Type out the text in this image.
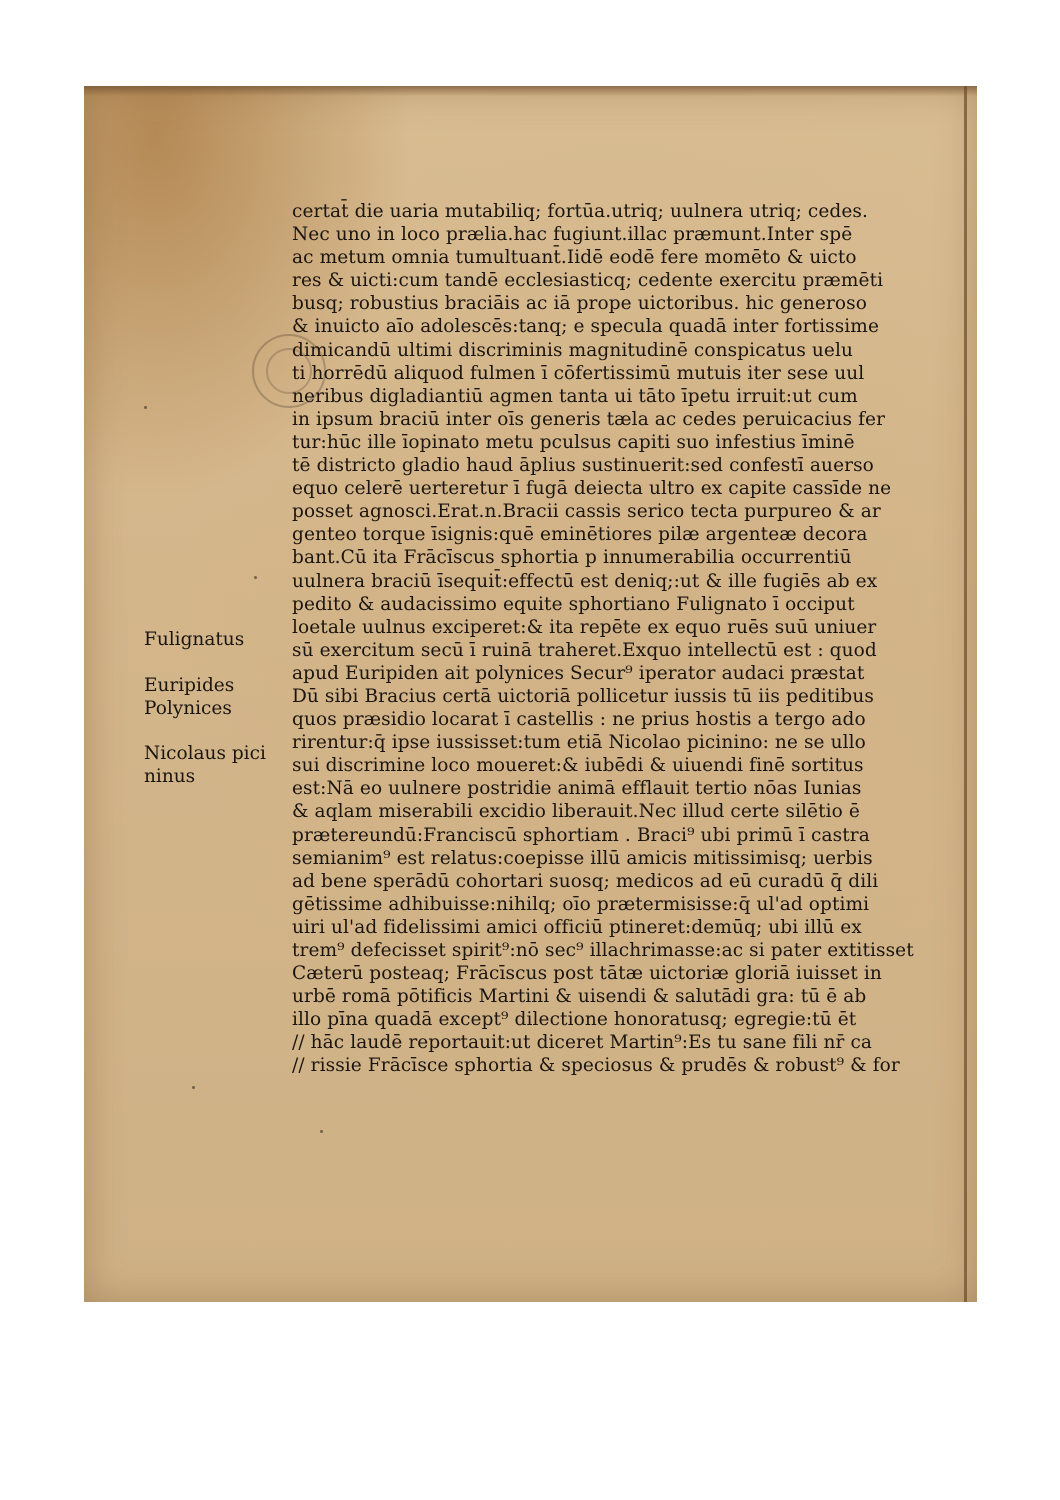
Fulignatus
Euripides Polynices
Nicolaus pici ninus
certat̄ die uaria mutabiliq; fortūa.utriq; uulnera utriq; cedes.
Nec uno in loco prælia.hac fugiunt.illac præmunt.Inter spē
ac metum omnia tumultuant̄.Iidē eodē fere momēto & uicto
res & uicti:cum tandē ecclesiasticq; cedente exercitu præmēti
busq; robustius braciāis ac iā prope uictoribus. hic generoso
& inuicto aīo adolescēs:tanq; e specula quadā inter fortissime
dimicandū ultimi discriminis magnitudinē conspicatus uelu
ti horrēdū aliquod fulmen ī cōfertissimū mutuis iter sese uul
neribus digladiantiū agmen tanta ui tāto īpetu irruit:ut cum
in ipsum braciū inter oīs generis tæla ac cedes peruicacius fer
tur:hūc ille īopinato metu pculsus capiti suo infestius īminē
tē districto gladio haud āplius sustinuerit:sed confestī auerso
equo celerē uerteretur ī fugā deiecta ultro ex capite cassīde ne
posset agnosci.Erat.n.Bracii cassis serico tecta purpureo & ar
genteo torque īsignis:quē eminētiores pilæ argenteæ decora
bant.Cū ita Frācīscus sphortia p innumerabilia occurrentiū
uulnera braciū īsequit̄:effectū est deniq;:ut & ille fugiēs ab ex
pedito & audacissimo equite sphortiano Fulignato ī occiput
loetale uulnus exciperet:& ita repēte ex equo ruēs suū uniuer
sū exercitum secū ī ruinā traheret.Exquo intellectū est : quod
apud Euripiden ait polynices Secur⁹ iperator audaci præstat
Dū sibi Bracius certā uictoriā pollicetur iussis tū iis peditibus
quos præsidio locarat ī castellis : ne prius hostis a tergo ado
rirentur:q̄ ipse iussisset:tum etiā Nicolao picinino: ne se ullo
sui discrimine loco moueret:& iubēdi & uiuendi finē sortitus
est:Nā eo uulnere postridie animā efflauit tertio nōas Iunias
& aqlam miserabili excidio liberauit.Nec illud certe silētio ē
prætereundū:Franciscū sphortiam . Braci⁹ ubi primū ī castra
semianim⁹ est relatus:coepisse illū amicis mitissimisq; uerbis
ad bene sperādū cohortari suosq; medicos ad eū curadū q̄ dili
gētissime adhibuisse:nihilq; oīo prætermisisse:q̄ ul'ad optimi
uiri ul'ad fidelissimi amici officiū ptineret:demūq; ubi illū ex
trem⁹ defecisset spirit⁹:nō sec⁹ illachrimasse:ac si pater extitisset
Cæterū posteaq; Frācīscus post tātæ uictoriæ gloriā iuisset in
urbē romā pōtificis Martini & uisendi & salutādi gra: tū ē ab
illo pīna quadā except⁹ dilectione honoratusq; egregie:tū ēt
// hāc laudē reportauit:ut diceret Martin⁹:Es tu sane fili nr̄ ca
// rissie Frācīsce sphortia & speciosus & prudēs & robust⁹ & for
